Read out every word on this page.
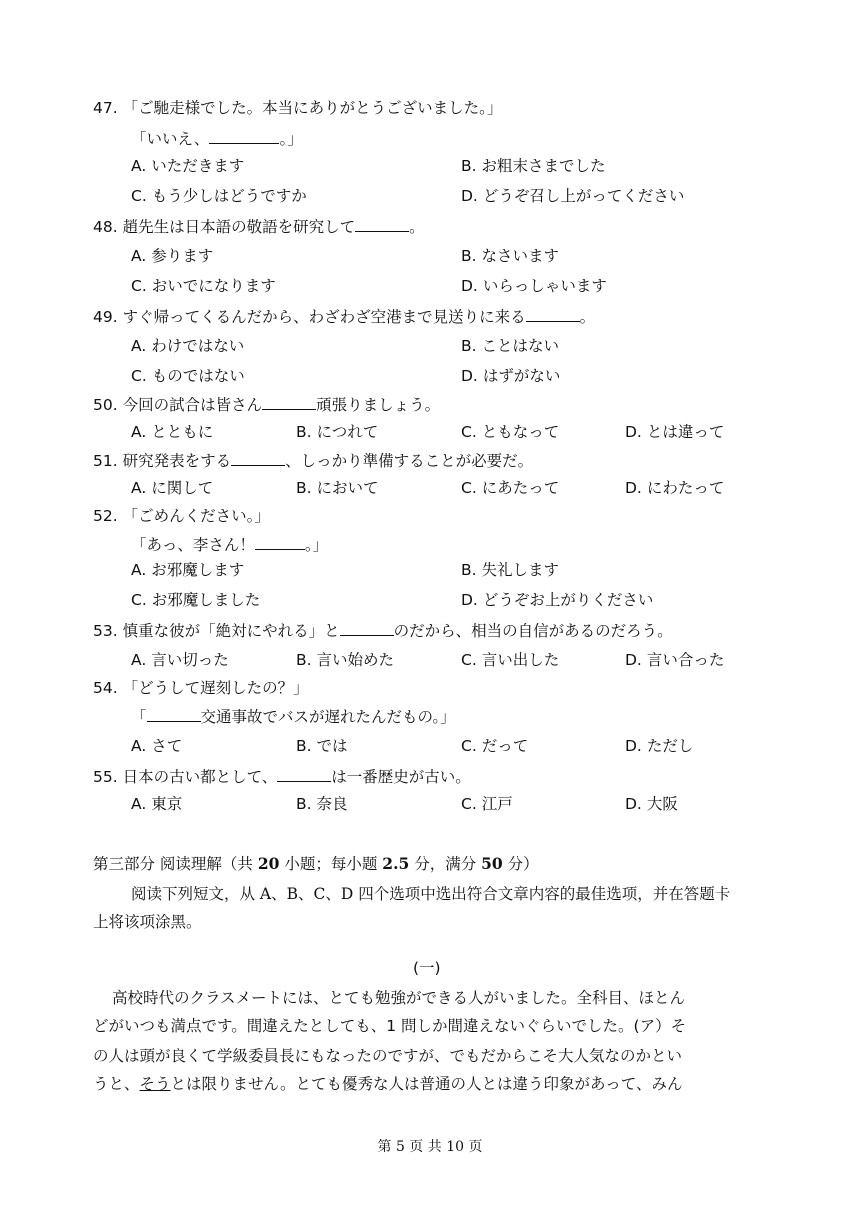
47. 「ご馳走様でした。本当にありがとうございました。」
「いいえ、	。」
A. いただきます	B. お粗末さまでした
C. もう少しはどうですか	D. どうぞ召し上がってください
48. 趙先生は日本語の敬語を研究して	。
A. 参ります	B. なさいます
C. おいでになります	D. いらっしゃいます
49. すぐ帰ってくるんだから、わざわざ空港まで見送りに来る	。
A. わけではない	B. ことはない
C. ものではない	D. はずがない
50. 今回の試合は皆さん	頑張りましょう。
A. とともに	B. につれて	C. ともなって	D. とは違って
51. 研究発表をする	、しっかり準備することが必要だ。
A. に関して	B. において	C. にあたって	D. にわたって
52. 「ごめんください。」
「あっ、李さん！	。」
A. お邪魔します	B. 失礼します
C. お邪魔しました	D. どうぞお上がりください
53. 慎重な彼が「絶対にやれる」と	のだから、相当の自信があるのだろう。
A. 言い切った	B. 言い始めた	C. 言い出した	D. 言い合った
54. 「どうして遅刻したの？」
「	交通事故でバスが遅れたんだもの。」
A. さて	B. では	C. だって	D. ただし
55. 日本の古い都として、	は一番歴史が古い。
A. 東京	B. 奈良	C. 江戸	D. 大阪
第三部分 阅读理解（共 20 小题；每小题 2.5 分，满分 50 分）
阅读下列短文，从 A、B、C、D 四个选项中选出符合文章内容的最佳选项，并在答题卡
上将该项涂黑。
(一)
高校時代のクラスメートには、とても勉強ができる人がいました。全科目、ほとん
どがいつも満点です。間違えたとしても、1 問しか間違えないぐらいでした。(ア）そ
の人は頭が良くて学級委員長にもなったのですが、でもだからこそ大人気なのかとい
うと、そうとは限りません。とても優秀な人は普通の人とは違う印象があって、みん
第 5 页 共 10 页
